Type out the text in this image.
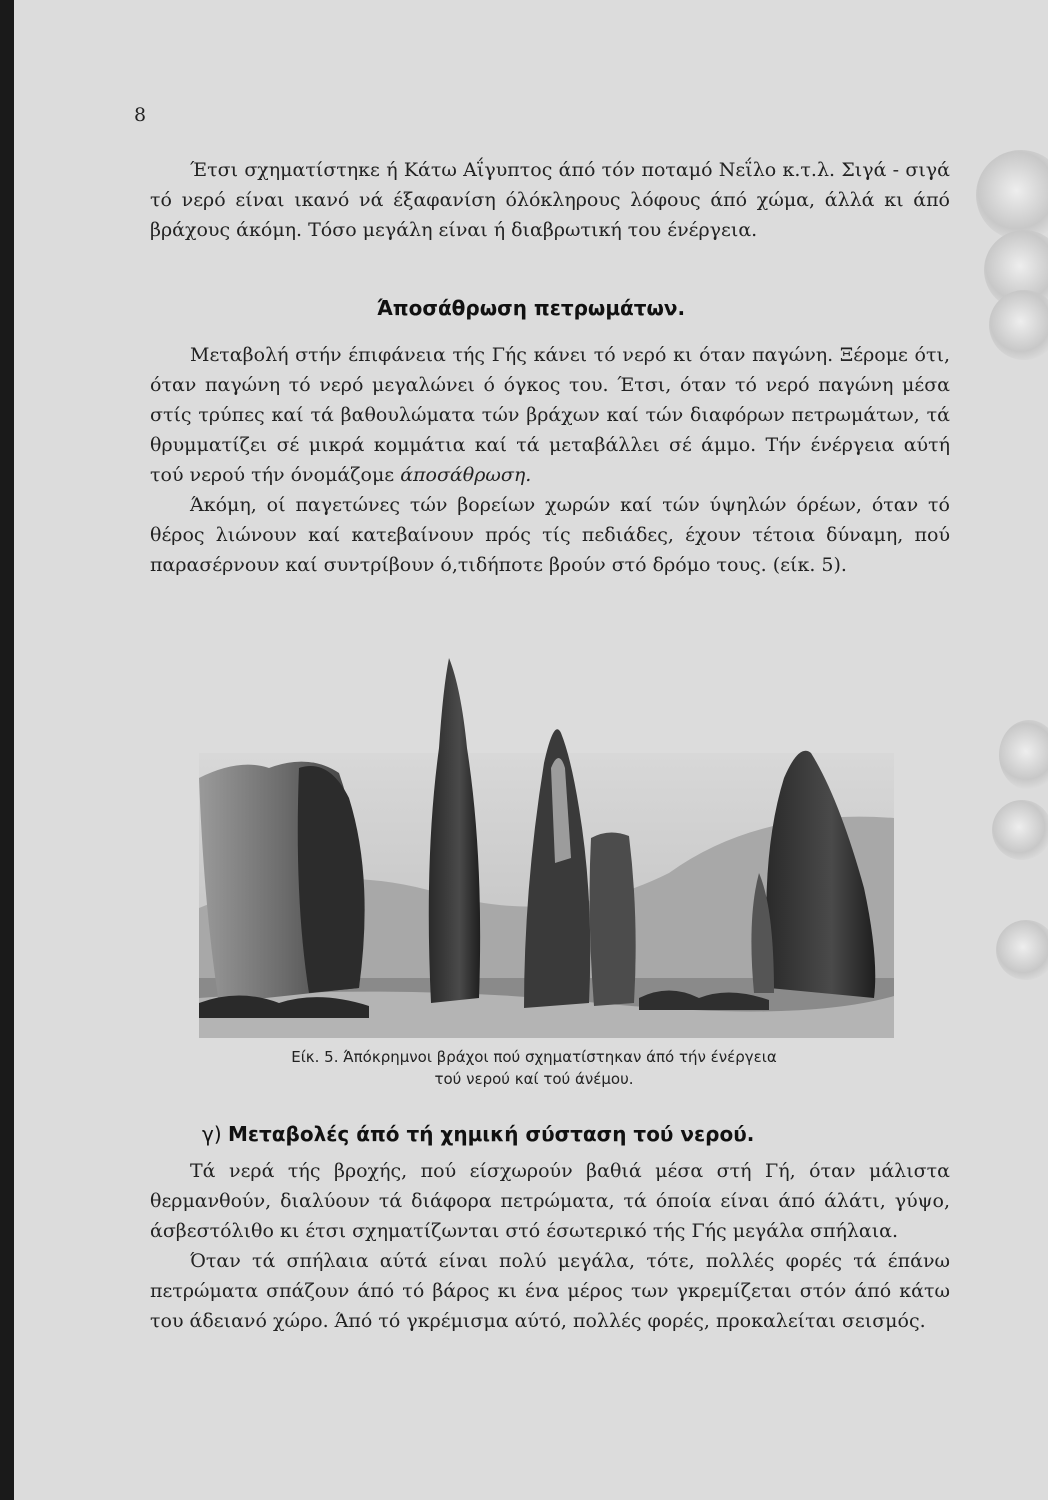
8

Έτσι σχηματίστηκε ή Κάτω Αΐγυπτος άπό τόν ποταμό Νεΐλο κ.τ.λ. Σιγά - σιγά τό νερό είναι ικανό νά έξαφανίση όλόκληρους λόφους άπό χώμα, άλλά κι άπό βράχους άκόμη. Τόσο μεγάλη είναι ή διαβρωτική του ένέργεια.

Άποσάθρωση πετρωμάτων.

Μεταβολή στήν έπιφάνεια τής Γής κάνει τό νερό κι όταν παγώνη. Ξέρομε ότι, όταν παγώνη τό νερό μεγαλώνει ό όγκος του. Έτσι, όταν τό νερό παγώνη μέσα στίς τρύπες καί τά βαθουλώματα τών βράχων καί τών διαφόρων πετρωμάτων, τά θρυμματίζει σέ μικρά κομμάτια καί τά μεταβάλλει σέ άμμο. Τήν ένέργεια αύτή τού νερού τήν όνομάζομε άποσάθρωση.

Άκόμη, οί παγετώνες τών βορείων χωρών καί τών ύψηλών όρέων, όταν τό θέρος λιώνουν καί κατεβαίνουν πρός τίς πεδιάδες, έχουν τέτοια δύναμη, πού παρασέρνουν καί συντρίβουν ό,τιδήποτε βρούν στό δρόμο τους. (είκ. 5).

Είκ. 5. Άπόκρημνοι βράχοι πού σχηματίστηκαν άπό τήν ένέργεια
τού νερού καί τού άνέμου.
γ) Μεταβολές άπό τή χημική σύσταση τού νερού.

Τά νερά τής βροχής, πού είσχωρούν βαθιά μέσα στή Γή, όταν μάλιστα θερμανθούν, διαλύουν τά διάφορα πετρώματα, τά όποία είναι άπό άλάτι, γύψο, άσβεστόλιθο κι έτσι σχηματίζωνται στό έσωτερικό τής Γής μεγάλα σπήλαια.

Όταν τά σπήλαια αύτά είναι πολύ μεγάλα, τότε, πολλές φορές τά έπάνω πετρώματα σπάζουν άπό τό βάρος κι ένα μέρος των γκρεμίζεται στόν άπό κάτω του άδειανό χώρο. Άπό τό γκρέμισμα αύτό, πολλές φορές, προκαλείται σεισμός.
